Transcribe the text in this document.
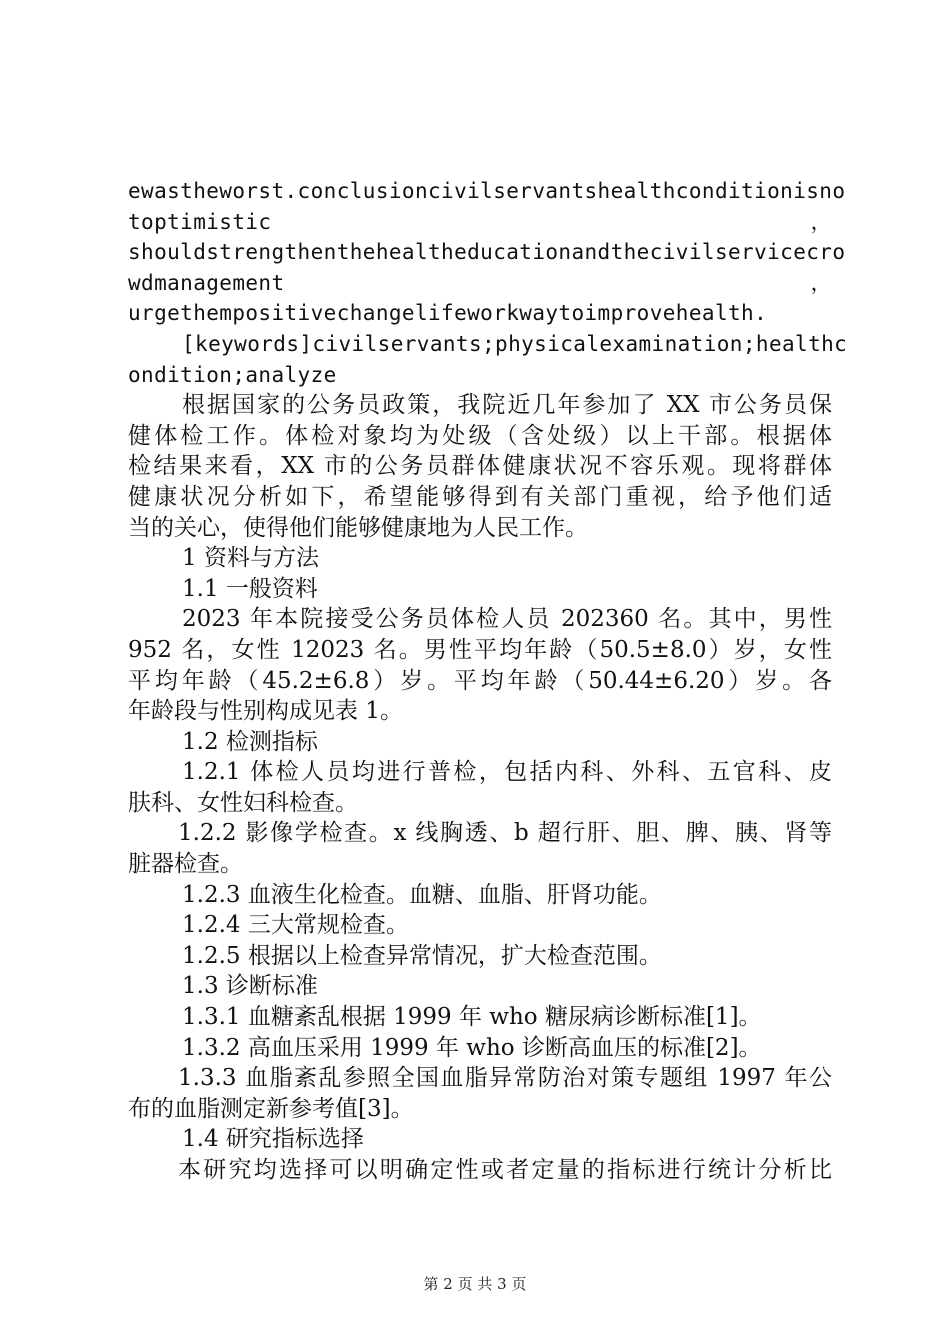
ewastheworst.conclusioncivilservantshealthconditionisno
toptimistic	，
shouldstrengthenthehealtheducationandthecivilservicecro
wdmanagement	，
urgethempositivechangelifeworkwaytoimprovehealth.
[keywords]civilservants;physicalexamination;healthc
ondition;analyze
根据国家的公务员政策，我院近几年参加了 XX 市公务员保
健体检工作。体检对象均为处级（含处级）以上干部。根据体
检结果来看，XX 市的公务员群体健康状况不容乐观。现将群体
健康状况分析如下，希望能够得到有关部门重视，给予他们适
当的关心，使得他们能够健康地为人民工作。
1 资料与方法
1.1 一般资料
2023 年本院接受公务员体检人员 202360 名。其中，男性
952 名，女性 12023 名。男性平均年龄（50.5±8.0）岁，女性
平均年龄（45.2±6.8）岁。平均年龄（50.44±6.20）岁。各
年龄段与性别构成见表 1。
1.2 检测指标
1.2.1 体检人员均进行普检，包括内科、外科、五官科、皮
肤科、女性妇科检查。
1.2.2 影像学检查。x 线胸透、b 超行肝、胆、脾、胰、肾等
脏器检查。
1.2.3 血液生化检查。血糖、血脂、肝肾功能。
1.2.4 三大常规检查。
1.2.5 根据以上检查异常情况，扩大检查范围。
1.3 诊断标准
1.3.1 血糖紊乱根据 1999 年 who 糖尿病诊断标准[1]。
1.3.2 高血压采用 1999 年 who 诊断高血压的标准[2]。
1.3.3 血脂紊乱参照全国血脂异常防治对策专题组 1997 年公
布的血脂测定新参考值[3]。
1.4 研究指标选择
本研究均选择可以明确定性或者定量的指标进行统计分析比
第 2 页 共 3 页
